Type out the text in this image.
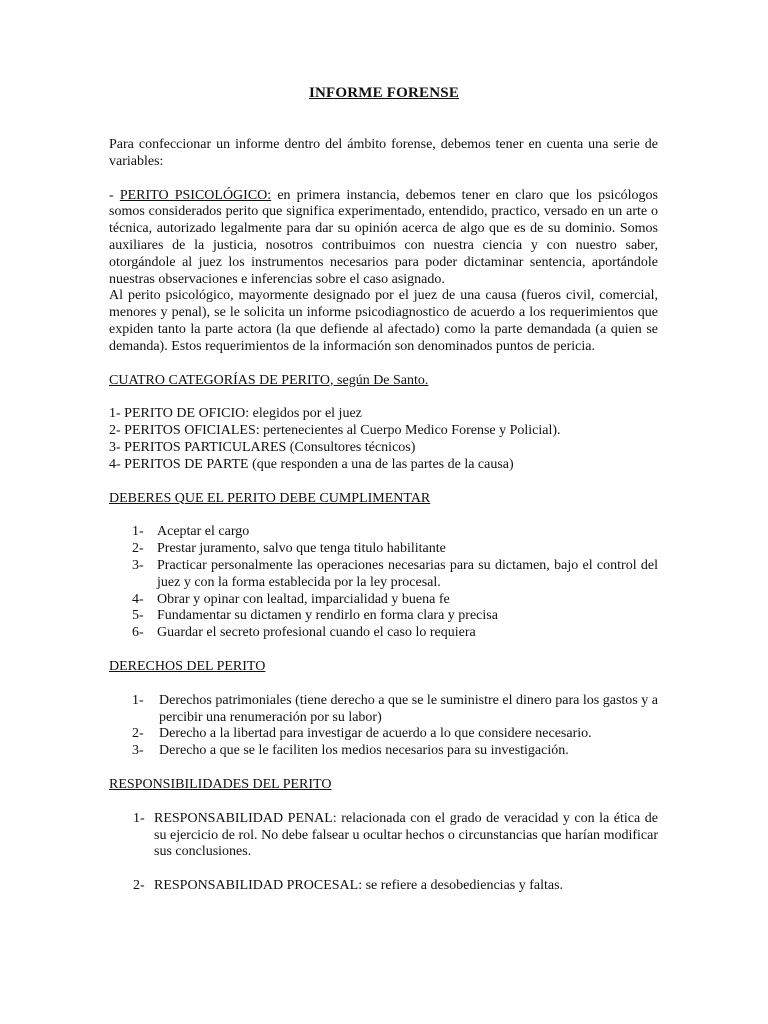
INFORME FORENSE

Para confeccionar un informe dentro del ámbito forense, debemos tener en cuenta una serie de variables:

- PERITO PSICOLÓGICO: en primera instancia, debemos tener en claro que los psicólogos somos considerados perito que significa experimentado, entendido, practico, versado en un arte o técnica, autorizado legalmente para dar su opinión acerca de algo que es de su dominio. Somos auxiliares de la justicia, nosotros contribuimos con nuestra ciencia y con nuestro saber, otorgándole al juez los instrumentos necesarios para poder dictaminar sentencia, aportándole nuestras observaciones e inferencias sobre el caso asignado.

Al perito psicológico, mayormente designado por el juez de una causa (fueros civil, comercial, menores y penal), se le solicita un informe psicodiagnostico de acuerdo a los requerimientos que expiden tanto la parte actora (la que defiende al afectado) como la parte demandada (a quien se demanda). Estos requerimientos de la información son denominados puntos de pericia.

CUATRO CATEGORÍAS DE PERITO, según De Santo.

1- PERITO DE OFICIO: elegidos por el juez

2- PERITOS OFICIALES: pertenecientes al Cuerpo Medico Forense y Policial).

3- PERITOS PARTICULARES (Consultores técnicos)

4- PERITOS DE PARTE (que responden a una de las partes de la causa)

DEBERES QUE EL PERITO DEBE CUMPLIMENTAR

1- Aceptar el cargo
2- Prestar juramento, salvo que tenga titulo habilitante
3- Practicar personalmente las operaciones necesarias para su dictamen, bajo el control del juez y con la forma establecida por la ley procesal.
4- Obrar y opinar con lealtad, imparcialidad y buena fe
5- Fundamentar su dictamen y rendirlo en forma clara y precisa
6- Guardar el secreto profesional cuando el caso lo requiera

DERECHOS DEL PERITO

1- Derechos patrimoniales (tiene derecho a que se le suministre el dinero para los gastos y a percibir una renumeración por su labor)
2- Derecho a la libertad para investigar de acuerdo a lo que considere necesario.
3- Derecho a que se le faciliten los medios necesarios para su investigación.

RESPONSIBILIDADES DEL PERITO

1- RESPONSABILIDAD PENAL: relacionada con el grado de veracidad y con la ética de su ejercicio de rol. No debe falsear u ocultar hechos o circunstancias que harían modificar sus conclusiones.
2- RESPONSABILIDAD PROCESAL: se refiere a desobediencias y faltas.
